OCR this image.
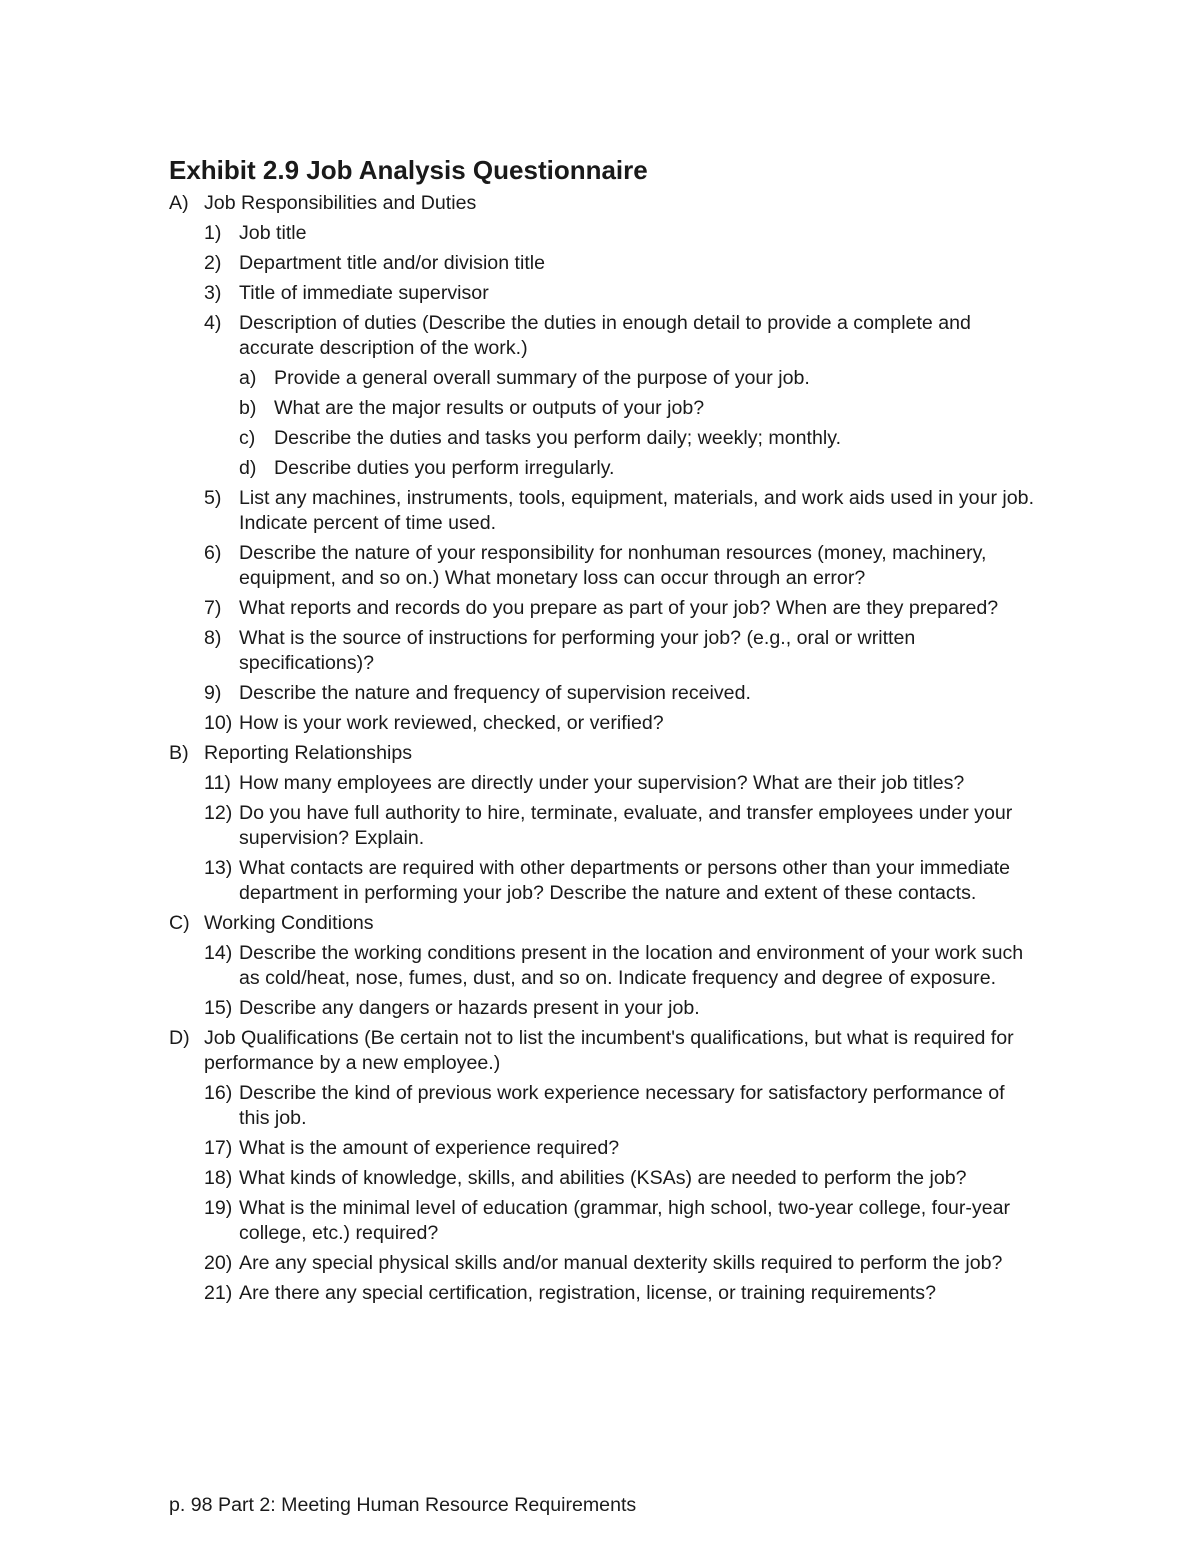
Exhibit 2.9 Job Analysis Questionnaire
A) Job Responsibilities and Duties
1) Job title
2) Department title and/or division title
3) Title of immediate supervisor
4) Description of duties (Describe the duties in enough detail to provide a complete and accurate description of the work.)
a) Provide a general overall summary of the purpose of your job.
b) What are the major results or outputs of your job?
c) Describe the duties and tasks you perform daily; weekly; monthly.
d) Describe duties you perform irregularly.
5) List any machines, instruments, tools, equipment, materials, and work aids used in your job. Indicate percent of time used.
6) Describe the nature of your responsibility for nonhuman resources (money, machinery, equipment, and so on.) What monetary loss can occur through an error?
7) What reports and records do you prepare as part of your job? When are they prepared?
8) What is the source of instructions for performing your job? (e.g., oral or written specifications)?
9) Describe the nature and frequency of supervision received.
10) How is your work reviewed, checked, or verified?
B) Reporting Relationships
11) How many employees are directly under your supervision? What are their job titles?
12) Do you have full authority to hire, terminate, evaluate, and transfer employees under your supervision? Explain.
13) What contacts are required with other departments or persons other than your immediate department in performing your job? Describe the nature and extent of these contacts.
C) Working Conditions
14) Describe the working conditions present in the location and environment of your work such as cold/heat, nose, fumes, dust, and so on. Indicate frequency and degree of exposure.
15) Describe any dangers or hazards present in your job.
D) Job Qualifications (Be certain not to list the incumbent's qualifications, but what is required for performance by a new employee.)
16) Describe the kind of previous work experience necessary for satisfactory performance of this job.
17) What is the amount of experience required?
18) What kinds of knowledge, skills, and abilities (KSAs) are needed to perform the job?
19) What is the minimal level of education (grammar, high school, two-year college, four-year college, etc.) required?
20) Are any special physical skills and/or manual dexterity skills required to perform the job?
21) Are there any special certification, registration, license, or training requirements?
p. 98 Part 2: Meeting Human Resource Requirements
